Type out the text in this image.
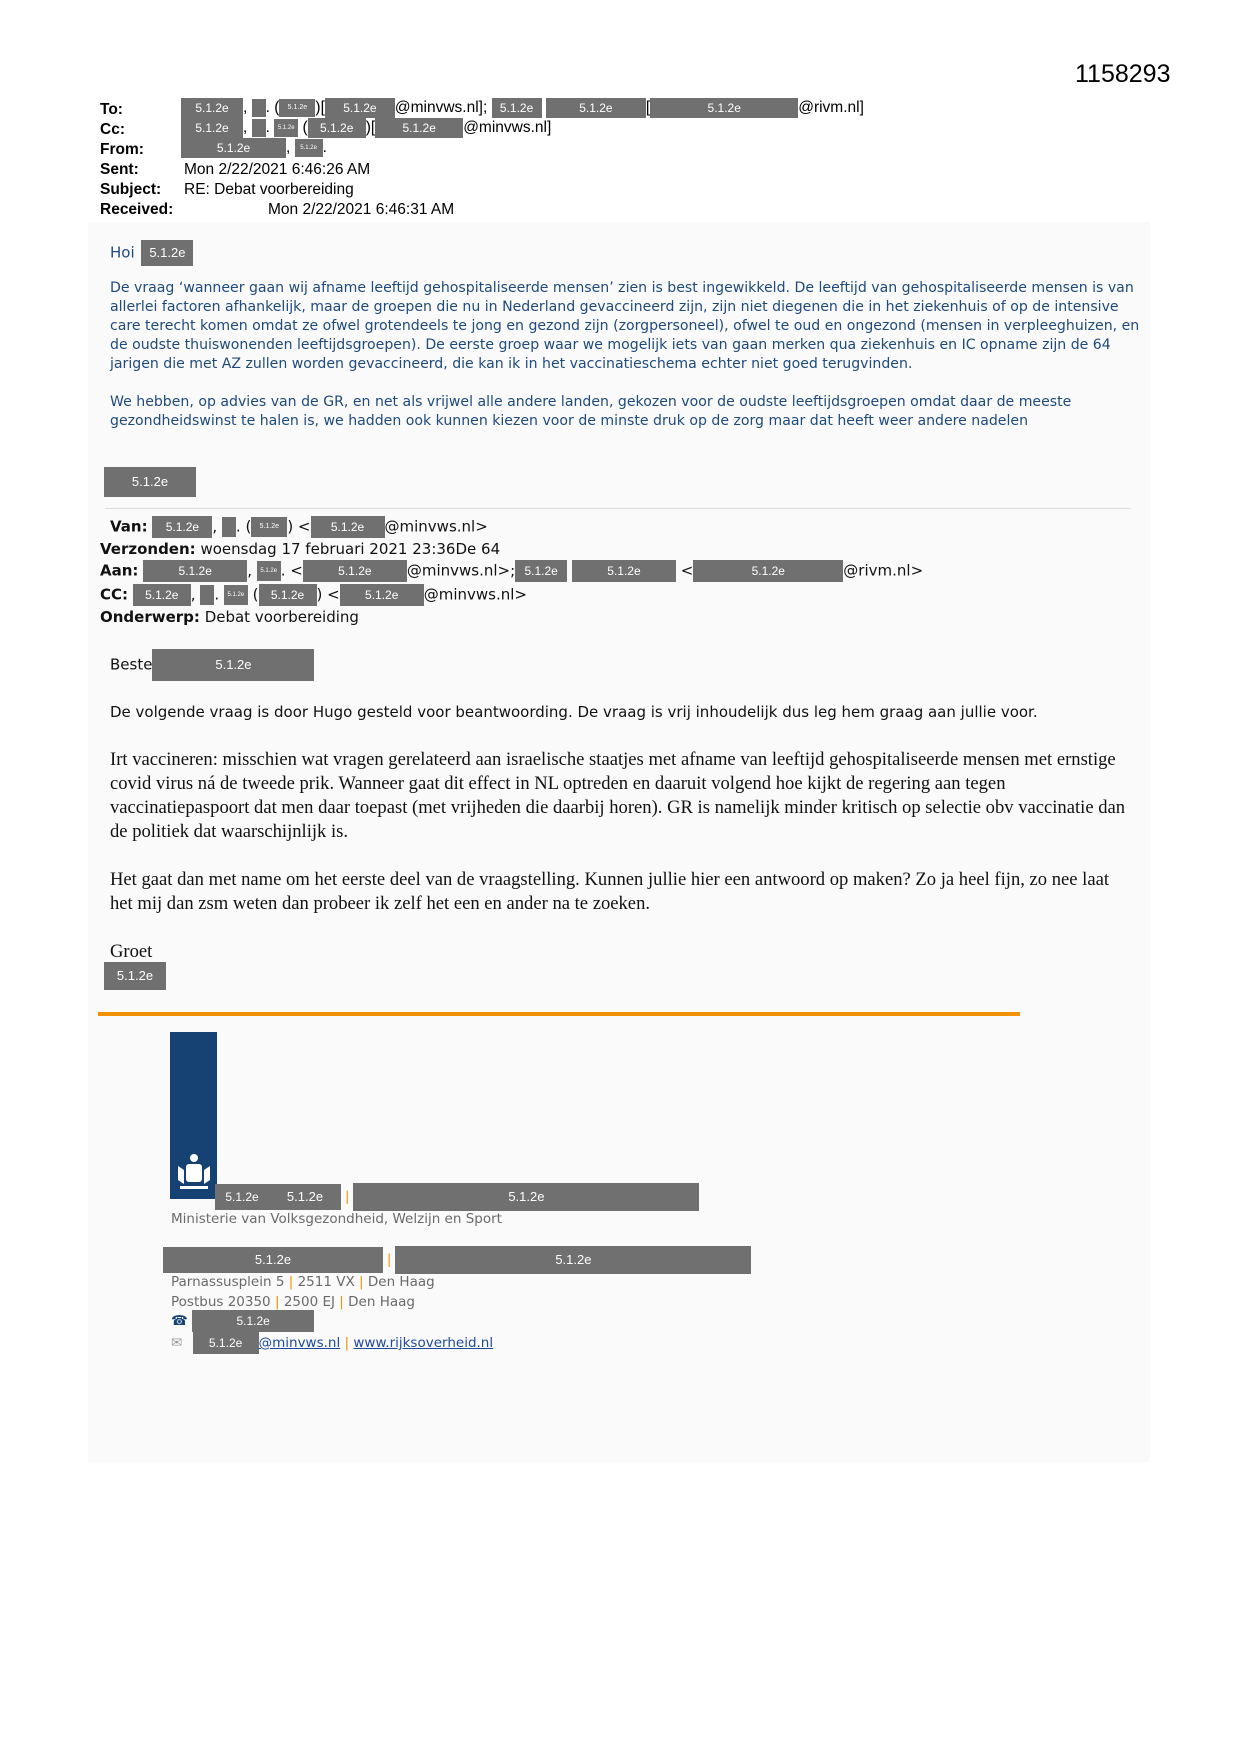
1158293
To:	5.1.2e , . ( 5.1.2e )[ 5.1.2e @minvws.nl]; 5.1.2e	5.1.2e [	5.1.2e	@rivm.nl]
Cc:	5.1.2e , . 5.1.2e ( 5.1.2e )[ 5.1.2e @minvws.nl]
From:	5.1.2e , 5.1.2e .
Sent:	Mon 2/22/2021 6:46:26 AM
Subject: RE: Debat voorbereiding
Received:	Mon 2/22/2021 6:46:31 AM
Hoi 5.1.2e
De vraag ‘wanneer gaan wij afname leeftijd gehospitaliseerde mensen’ zien is best ingewikkeld. De leeftijd van gehospitaliseerde mensen is van allerlei factoren afhankelijk, maar de groepen die nu in Nederland gevaccineerd zijn, zijn niet diegenen die in het ziekenhuis of op de intensive care terecht komen omdat ze ofwel grotendeels te jong en gezond zijn (zorgpersoneel), ofwel te oud en ongezond (mensen in verpleeghuizen, en de oudste thuiswonenden leeftijdsgroepen). De eerste groep waar we mogelijk iets van gaan merken qua ziekenhuis en IC opname zijn de 64 jarigen die met AZ zullen worden gevaccineerd, die kan ik in het vaccinatieschema echter niet goed terugvinden.
We hebben, op advies van de GR, en net als vrijwel alle andere landen, gekozen voor de oudste leeftijdsgroepen omdat daar de meeste gezondheidswinst te halen is, we hadden ook kunnen kiezen voor de minste druk op de zorg maar dat heeft weer andere nadelen
5.1.2e
Van: 5.1.2e , . ( 5.1.2e ) < 5.1.2e @minvws.nl>
Verzonden: woensdag 17 februari 2021 23:36De 64
Aan:	5.1.2e , 5.1.2e . <	5.1.2e @minvws.nl>; 5.1.2e	5.1.2e <	5.1.2e	@rivm.nl>
CC: 5.1.2e , . 5.1.2e ( 5.1.2e ) < 5.1.2e @minvws.nl>
Onderwerp: Debat voorbereiding
Beste	5.1.2e
De volgende vraag is door Hugo gesteld voor beantwoording. De vraag is vrij inhoudelijk dus leg hem graag aan jullie voor.
Irt vaccineren: misschien wat vragen gerelateerd aan israelische staatjes met afname van leeftijd gehospitaliseerde mensen met ernstige covid virus ná de tweede prik. Wanneer gaat dit effect in NL optreden en daaruit volgend hoe kijkt de regering aan tegen vaccinatiepaspoort dat men daar toepast (met vrijheden die daarbij horen). GR is namelijk minder kritisch op selectie obv vaccinatie dan de politiek dat waarschijnlijk is.
Het gaat dan met name om het eerste deel van de vraagstelling. Kunnen jullie hier een antwoord op maken? Zo ja heel fijn, zo nee laat het mij dan zsm weten dan probeer ik zelf het een en ander na te zoeken.
Groet
5.1.2e
5.1.2e 5.1.2e |	5.1.2e
Ministerie van Volksgezondheid, Welzijn en Sport
5.1.2e	|	5.1.2e
Parnassusplein 5 | 2511 VX | Den Haag
Postbus 20350 | 2500 EJ | Den Haag
☎	5.1.2e
✉ 5.1.2e @minvws.nl | www.rijksoverheid.nl
